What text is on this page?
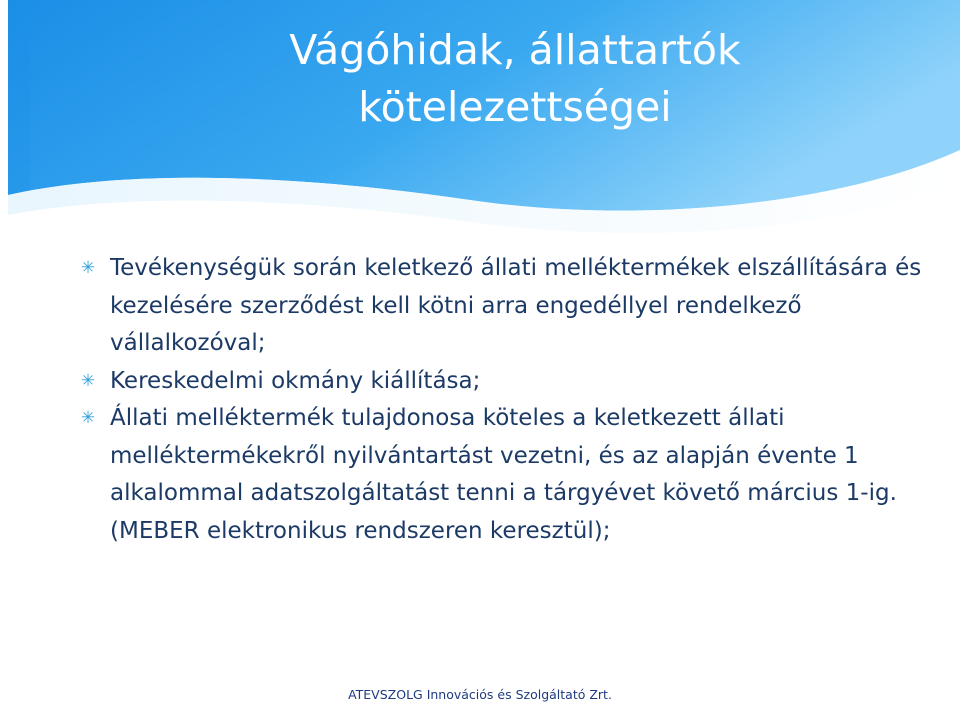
Vágóhidak, állattartók
kötelezettségei
✳ Tevékenységük során keletkező állati melléktermékek elszállítására és kezelésére szerződést kell kötni arra engedéllyel rendelkező vállalkozóval;
✳ Kereskedelmi okmány kiállítása;
✳ Állati melléktermék tulajdonosa köteles a keletkezett állati melléktermékekről nyilvántartást vezetni, és az alapján évente 1 alkalommal adatszolgáltatást tenni a tárgyévet követő március 1-ig. (MEBER elektronikus rendszeren keresztül);
ATEVSZOLG Innovációs és Szolgáltató Zrt.
